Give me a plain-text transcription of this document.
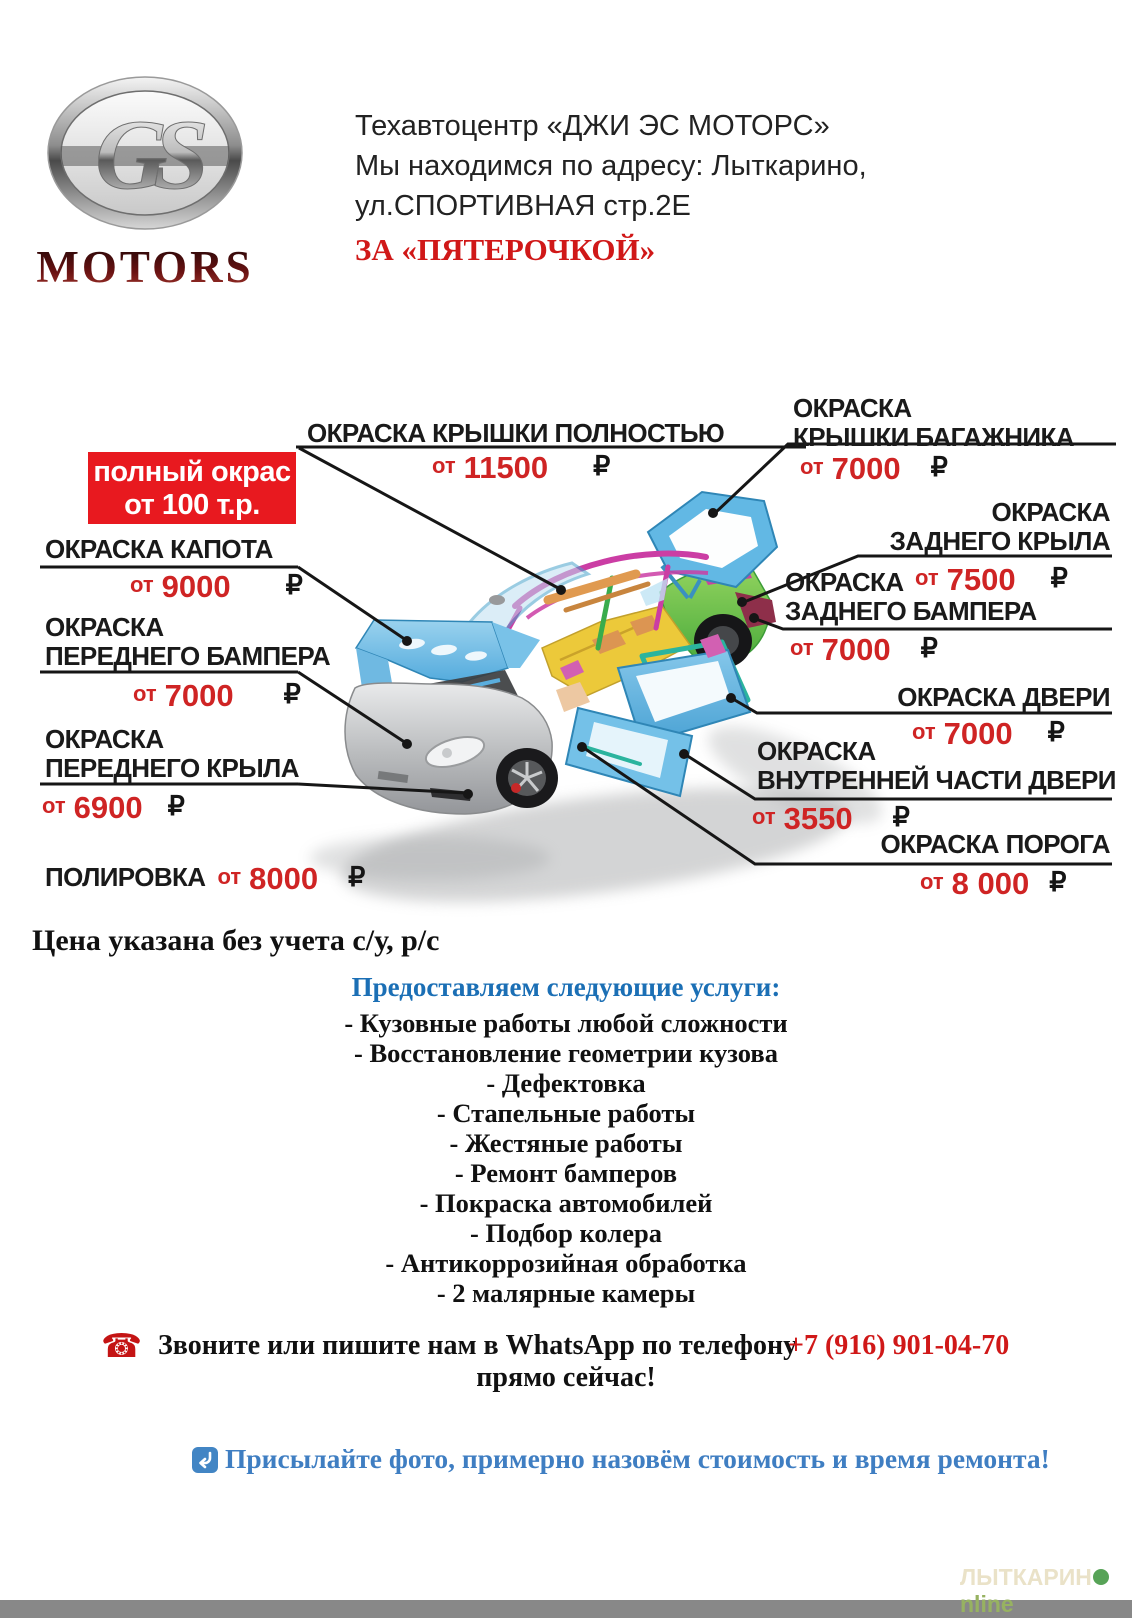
GS
MOTORS
Техавтоцентр «ДЖИ ЭС МОТОРС»
Мы находимся по адресу: Лыткарино,
ул.СПОРТИВНАЯ стр.2Е
ЗА «ПЯТЕРОЧКОЙ»
полный окрас
от 100 т.р.
ОКРАСКА КРЫШКИ ПОЛНОСТЬЮ
от 11500 ₽
ОКРАСКА
КРЫШКИ БАГАЖНИКА
от 7000 ₽
ОКРАСКА
ЗАДНЕГО КРЫЛА
от 7500 ₽
ОКРАСКА
ЗАДНЕГО БАМПЕРА
от 7000 ₽
ОКРАСКА ДВЕРИ
от 7000 ₽
ОКРАСКА
ВНУТРЕННЕЙ ЧАСТИ ДВЕРИ
от 3550 ₽
ОКРАСКА ПОРОГА
от 8 000 ₽
ОКРАСКА КАПОТА
от 9000 ₽
ОКРАСКА
ПЕРЕДНЕГО БАМПЕРА
от 7000 ₽
ОКРАСКА
ПЕРЕДНЕГО КРЫЛА
от 6900 ₽
ПОЛИРОВКА от 8000 ₽
Цена указана без учета с/у, р/с
Предоставляем следующие услуги:
- Кузовные работы любой сложности
- Восстановление геометрии кузова
- Дефектовка
- Стапельные работы
- Жестяные работы
- Ремонт бамперов
- Покраска автомобилей
- Подбор колера
- Антикоррозийная обработка
- 2 малярные камеры
☎ Звоните или пишите нам в WhatsApp по телефону
+7 (916) 901-04-70
прямо сейчас!
Присылайте фото, примерно назовём стоимость и время ремонта!
ЛЫТКАРИНnline
